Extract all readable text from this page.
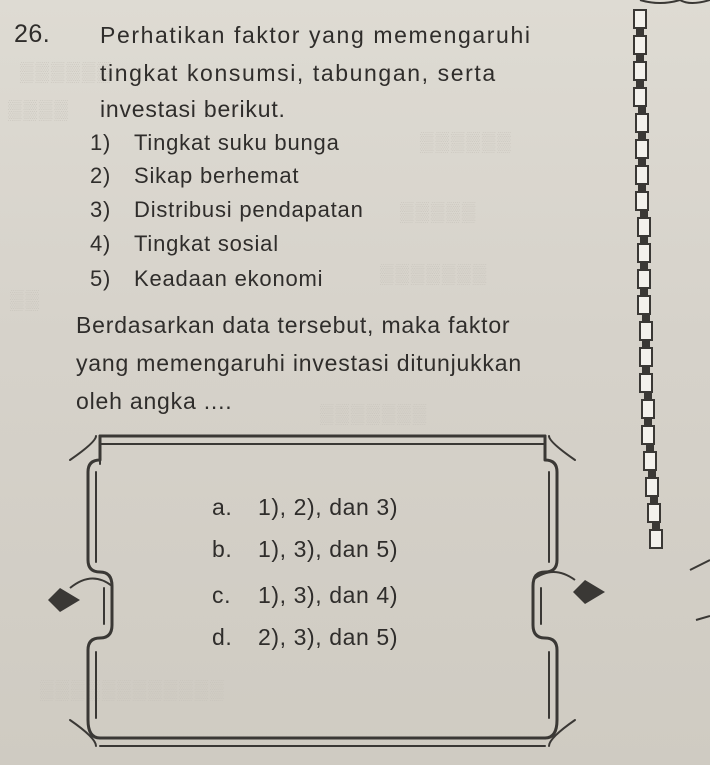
▒▒▒▒▒▒
▒▒▒▒
▒▒▒▒▒▒
▒▒▒▒▒
▒▒▒▒▒▒▒
▒▒
▒▒▒▒▒▒▒
▒▒▒▒▒▒▒▒▒▒▒▒
26. Perhatikan faktor yang memengaruhi
tingkat konsumsi, tabungan, serta
investasi berikut.
1) Tingkat suku bunga
2) Sikap berhemat
3) Distribusi pendapatan
4) Tingkat sosial
5) Keadaan ekonomi
Berdasarkan data tersebut, maka faktor
yang memengaruhi investasi ditunjukkan
oleh angka ....
a. 1), 2), dan 3)
b. 1), 3), dan 5)
c. 1), 3), dan 4)
d. 2), 3), dan 5)
